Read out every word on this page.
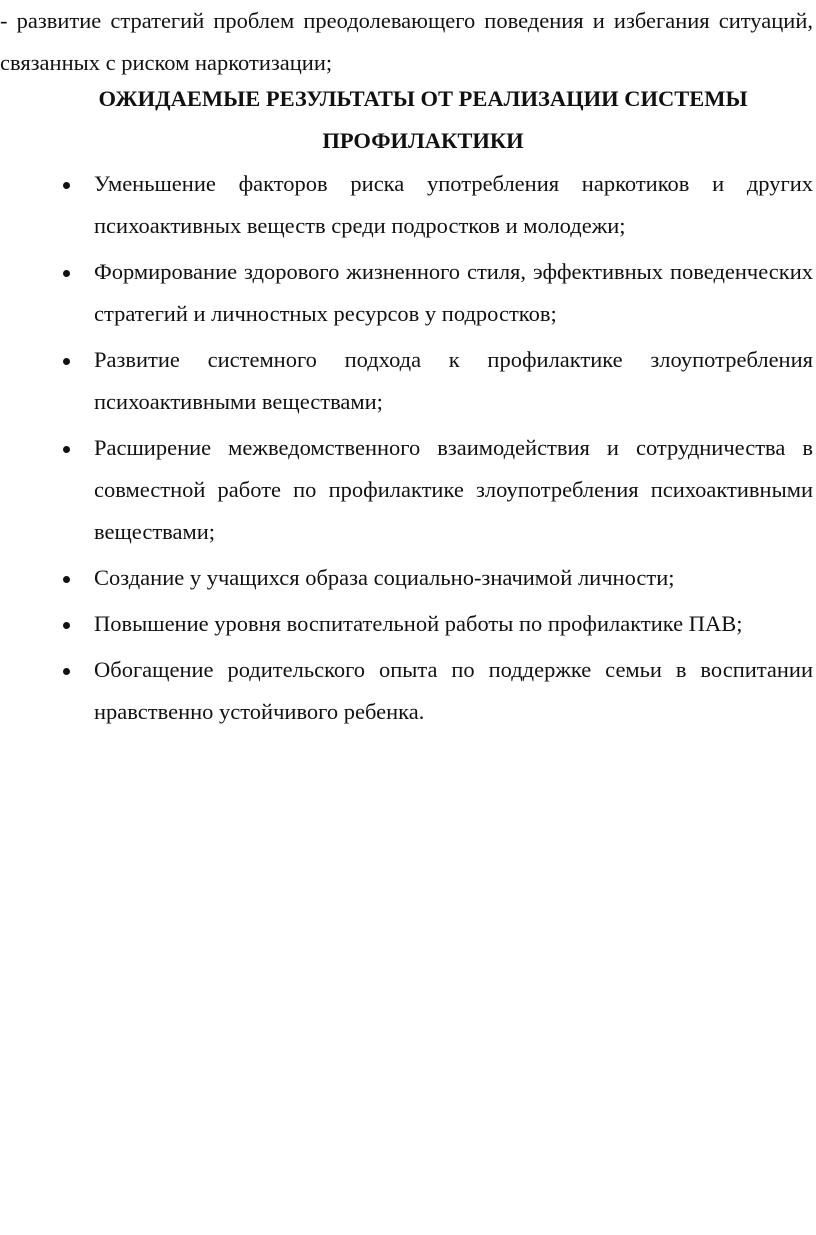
- развитие стратегий проблем преодолевающего поведения и избегания ситуаций, связанных с риском наркотизации;

ОЖИДАЕМЫЕ РЕЗУЛЬТАТЫ ОТ РЕАЛИЗАЦИИ СИСТЕМЫ ПРОФИЛАКТИКИ
Уменьшение факторов риска употребления наркотиков и других психоактивных веществ среди подростков и молодежи;
Формирование здорового жизненного стиля, эффективных поведенческих стратегий и личностных ресурсов у подростков;
Развитие системного подхода к профилактике злоупотребления психоактивными веществами;
Расширение межведомственного взаимодействия и сотрудничества в совместной работе по профилактике злоупотребления психоактивными веществами;
Создание у учащихся образа социально-значимой личности;
Повышение уровня воспитательной работы по профилактике ПАВ;
Обогащение родительского опыта по поддержке семьи в воспитании нравственно устойчивого ребенка.
